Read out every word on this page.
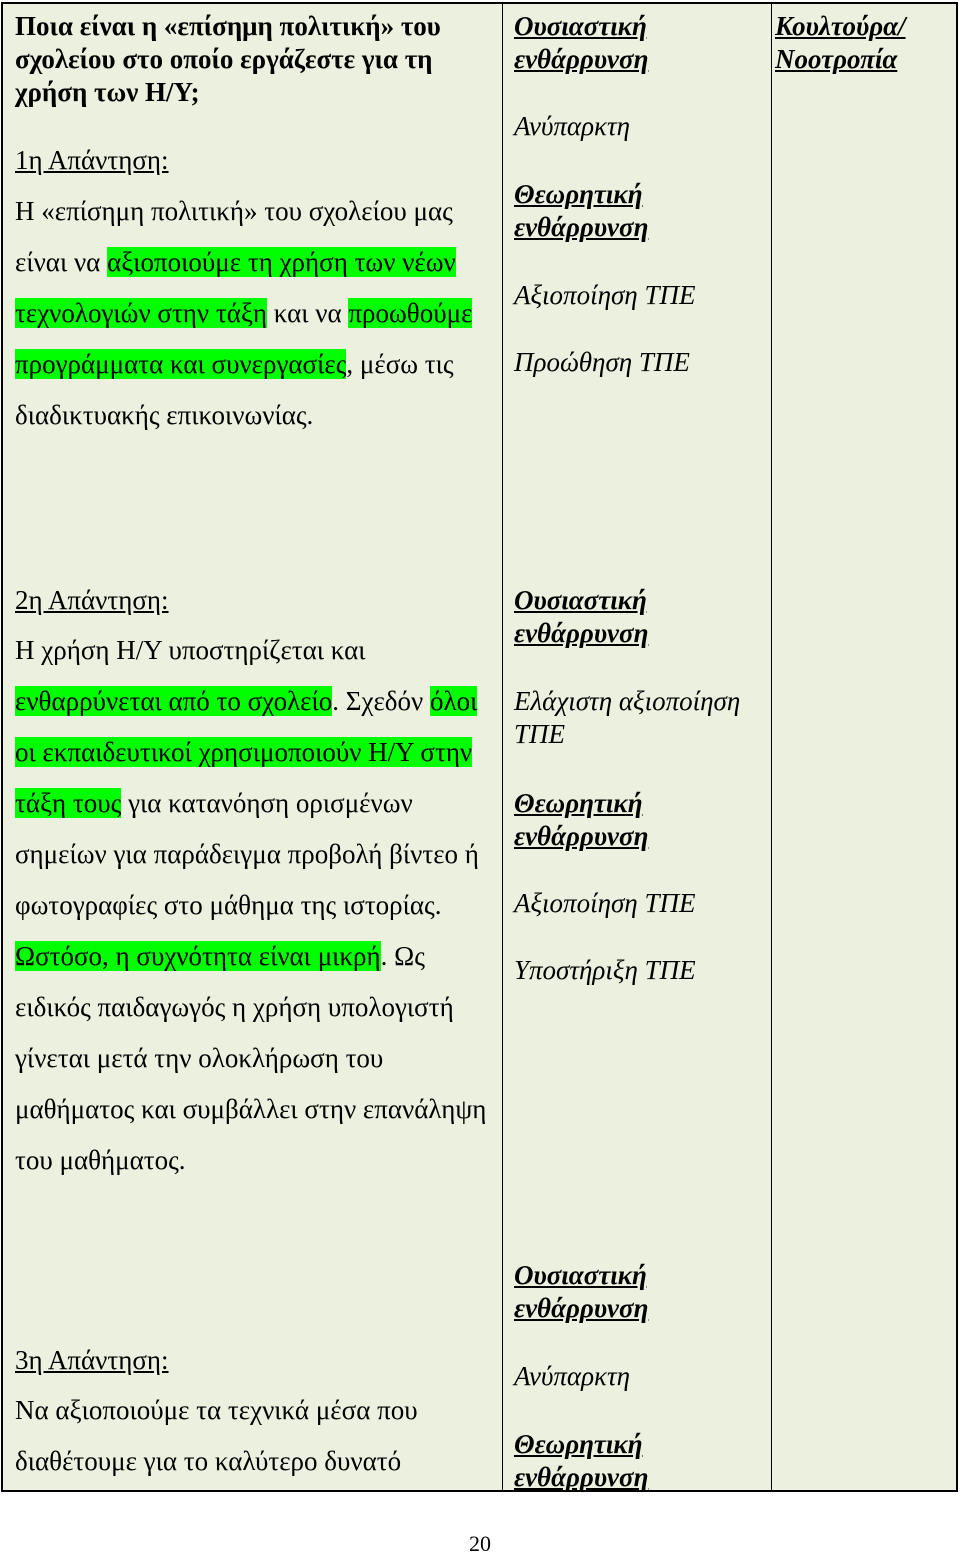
Ποια είναι η «επίσημη πολιτική» του σχολείου στο οποίο εργάζεστε για τη χρήση των Η/Υ;

Κουλτούρα/ Νοοτροπία

1η Απάντηση:

Η «επίσημη πολιτική» του σχολείου μας είναι να αξιοποιούμε τη χρήση των νέων τεχνολογιών στην τάξη και να προωθούμε προγράμματα και συνεργασίες, μέσω τις διαδικτυακής επικοινωνίας.

Ουσιαστική ενθάρρυνση

Ανύπαρκτη

Θεωρητική ενθάρρυνση

Αξιοποίηση ΤΠΕ

Προώθηση ΤΠΕ

2η Απάντηση:

Η χρήση Η/Υ υποστηρίζεται και ενθαρρύνεται από το σχολείο. Σχεδόν όλοι οι εκπαιδευτικοί χρησιμοποιούν Η/Υ στην τάξη τους για κατανόηση ορισμένων σημείων για παράδειγμα προβολή βίντεο ή φωτογραφίες στο μάθημα της ιστορίας. Ωστόσο, η συχνότητα είναι μικρή. Ως ειδικός παιδαγωγός η χρήση υπολογιστή γίνεται μετά την ολοκλήρωση του μαθήματος και συμβάλλει στην επανάληψη του μαθήματος.

Ουσιαστική ενθάρρυνση

Ελάχιστη αξιοποίηση ΤΠΕ

Θεωρητική ενθάρρυνση

Αξιοποίηση ΤΠΕ

Υποστήριξη ΤΠΕ

3η Απάντηση:

Να αξιοποιούμε τα τεχνικά μέσα που διαθέτουμε για το καλύτερο δυνατό

Ουσιαστική ενθάρρυνση

Ανύπαρκτη

Θεωρητική ενθάρρυνση

20
